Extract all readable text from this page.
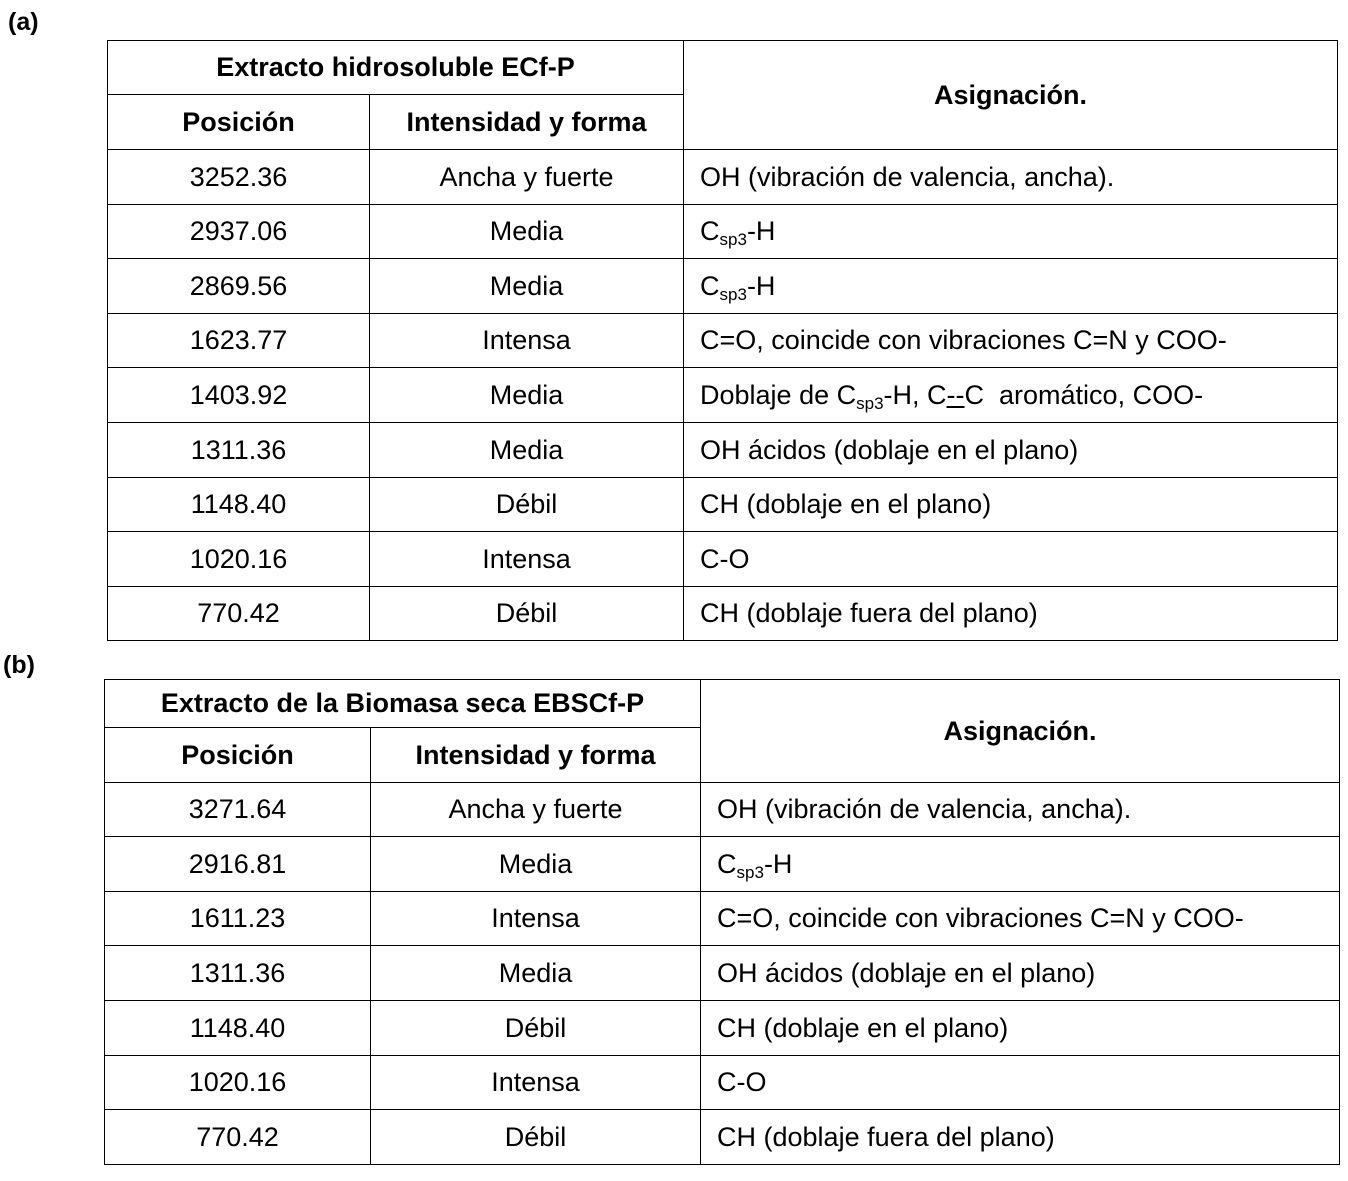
(a)
Extracto hidrosoluble ECf-P		Asignación.
Posición	Intensidad y forma	
3252.36	Ancha y fuerte	OH (vibración de valencia, ancha).
2937.06	Media	$C_{sp3}-H$
2869.56	Media	$C_{sp3}-H$
1623.77	Intensa	C=O, coincide con vibraciones C=N y COO-
1403.92	Media	Doblaje de $C_{sp3}-H$, C--C  aromático, COO-
1311.36	Media	OH ácidos (doblaje en el plano)
1148.40	Débil	CH (doblaje en el plano)
1020.16	Intensa	C-O
770.42	Débil	CH (doblaje fuera del plano)
(b)
Extracto de la Biomasa seca EBSCf-P		Asignación.
Posición	Intensidad y forma	
3271.64	Ancha y fuerte	OH (vibración de valencia, ancha).
2916.81	Media	$C_{sp3}-H$
1611.23	Intensa	C=O, coincide con vibraciones C=N y COO-
1311.36	Media	OH ácidos (doblaje en el plano)
1148.40	Débil	CH (doblaje en el plano)
1020.16	Intensa	C-O
770.42	Débil	CH (doblaje fuera del plano)
